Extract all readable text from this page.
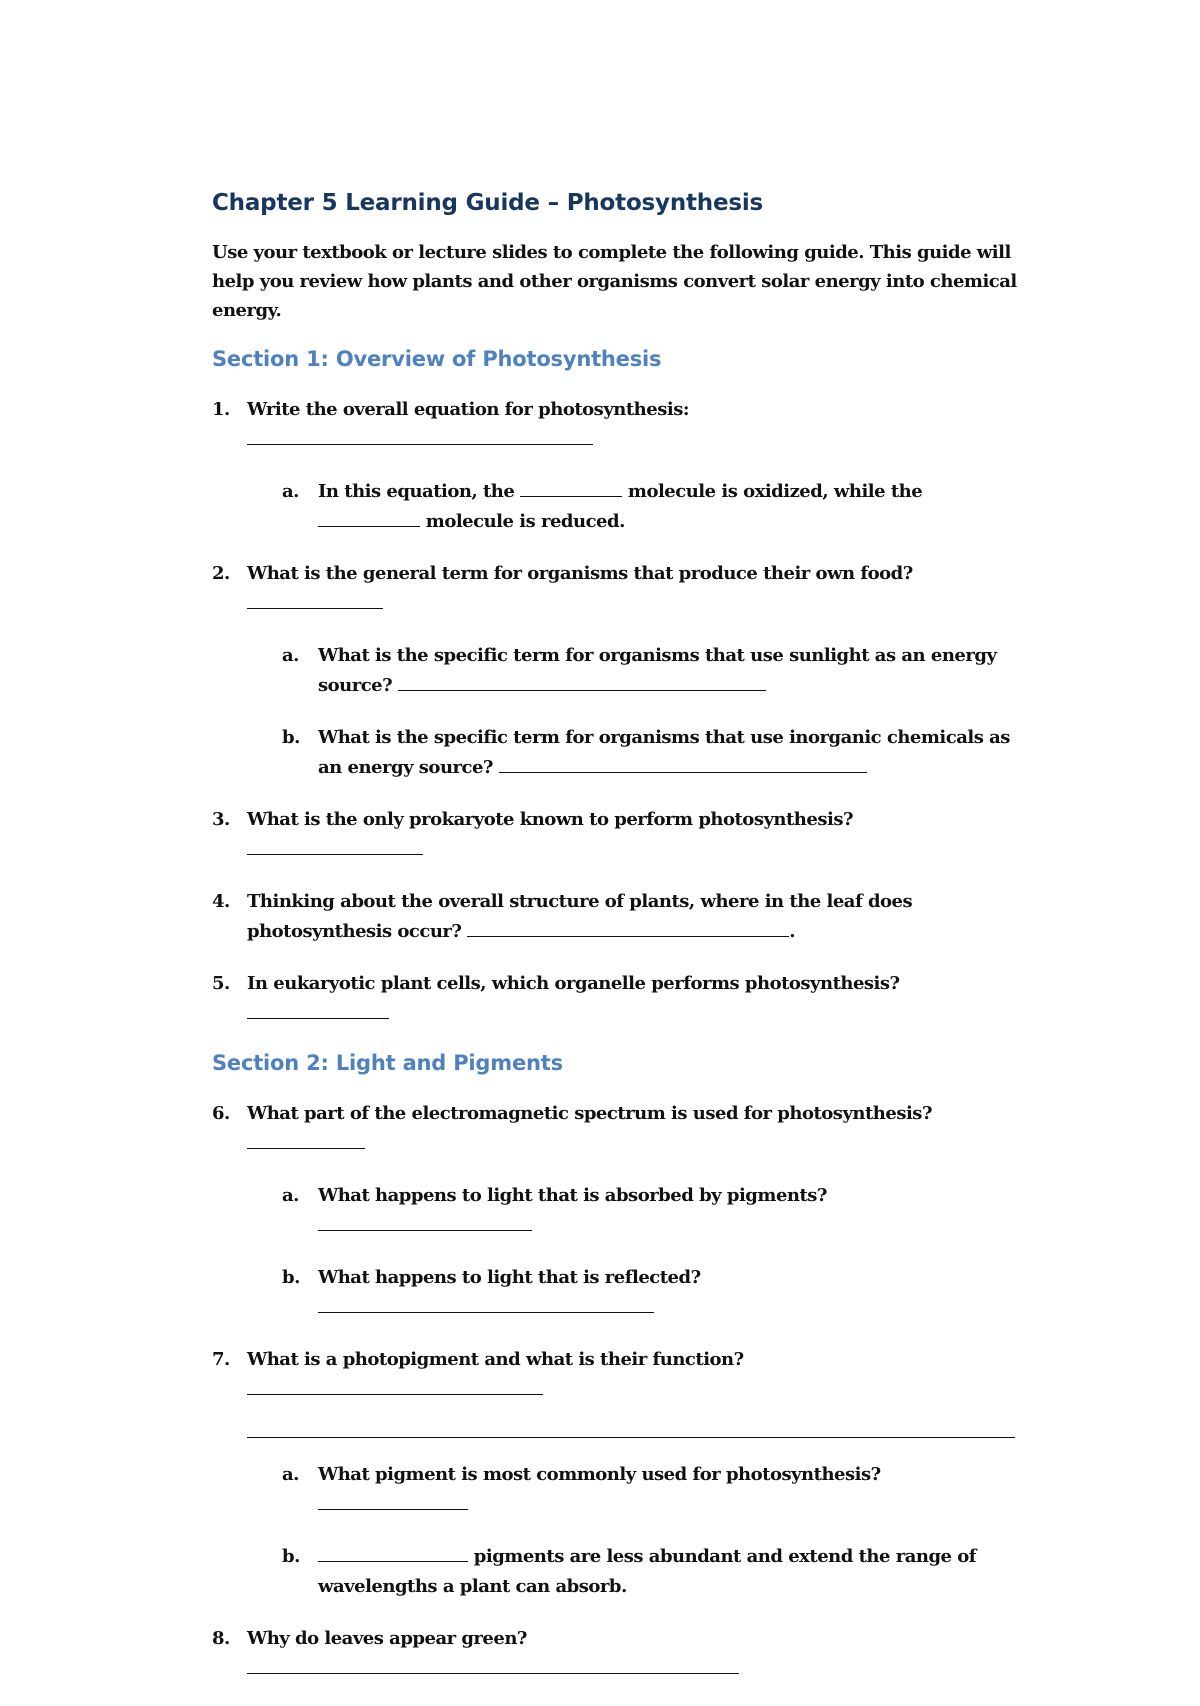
Chapter 5 Learning Guide – Photosynthesis
Use your textbook or lecture slides to complete the following guide. This guide will help you review how plants and other organisms convert solar energy into chemical energy.
Section 1: Overview of Photosynthesis
1. Write the overall equation for photosynthesis:
a. In this equation, the	molecule is oxidized, while the  molecule is reduced.
2. What is the general term for organisms that produce their own food?
a. What is the specific term for organisms that use sunlight as an energy source?
b. What is the specific term for organisms that use inorganic chemicals as an energy source?
3. What is the only prokaryote known to perform photosynthesis?
4. Thinking about the overall structure of plants, where in the leaf does photosynthesis occur?	.
5. In eukaryotic plant cells, which organelle performs photosynthesis?
Section 2: Light and Pigments
6. What part of the electromagnetic spectrum is used for photosynthesis?
a. What happens to light that is absorbed by pigments?
b. What happens to light that is reflected?
7. What is a photopigment and what is their function?
a. What pigment is most commonly used for photosynthesis?
b.	pigments are less abundant and extend the range of wavelengths a plant can absorb.
8. Why do leaves appear green?
